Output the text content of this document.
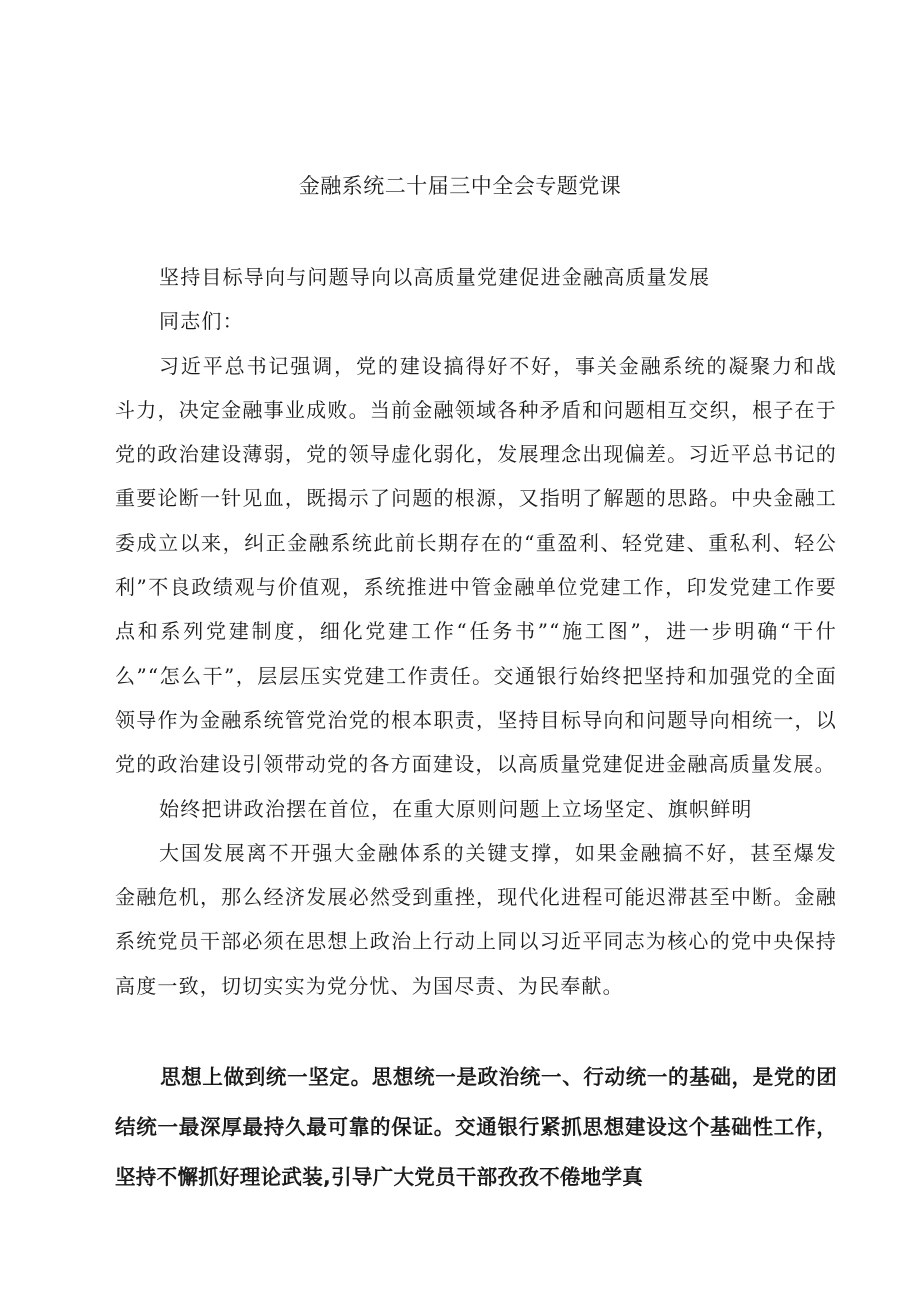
金融系统二十届三中全会专题党课

坚持目标导向与问题导向以高质量党建促进金融高质量发展

同志们：

习近平总书记强调，党的建设搞得好不好，事关金融系统的凝聚力和战斗力，决定金融事业成败。当前金融领域各种矛盾和问题相互交织，根子在于党的政治建设薄弱，党的领导虚化弱化，发展理念出现偏差。习近平总书记的重要论断一针见血，既揭示了问题的根源，又指明了解题的思路。中央金融工委成立以来，纠正金融系统此前长期存在的“重盈利、轻党建、重私利、轻公利”不良政绩观与价值观，系统推进中管金融单位党建工作，印发党建工作要点和系列党建制度，细化党建工作“任务书”“施工图”，进一步明确“干什么”“怎么干”，层层压实党建工作责任。交通银行始终把坚持和加强党的全面领导作为金融系统管党治党的根本职责，坚持目标导向和问题导向相统一，以党的政治建设引领带动党的各方面建设，以高质量党建促进金融高质量发展。

始终把讲政治摆在首位，在重大原则问题上立场坚定、旗帜鲜明

大国发展离不开强大金融体系的关键支撑，如果金融搞不好，甚至爆发金融危机，那么经济发展必然受到重挫，现代化进程可能迟滞甚至中断。金融系统党员干部必须在思想上政治上行动上同以习近平同志为核心的党中央保持高度一致，切切实实为党分忧、为国尽责、为民奉献。

思想上做到统一坚定。思想统一是政治统一、行动统一的基础，是党的团结统一最深厚最持久最可靠的保证。交通银行紧抓思想建设这个基础性工作，坚持不懈抓好理论武装,引导广大党员干部孜孜不倦地学真
